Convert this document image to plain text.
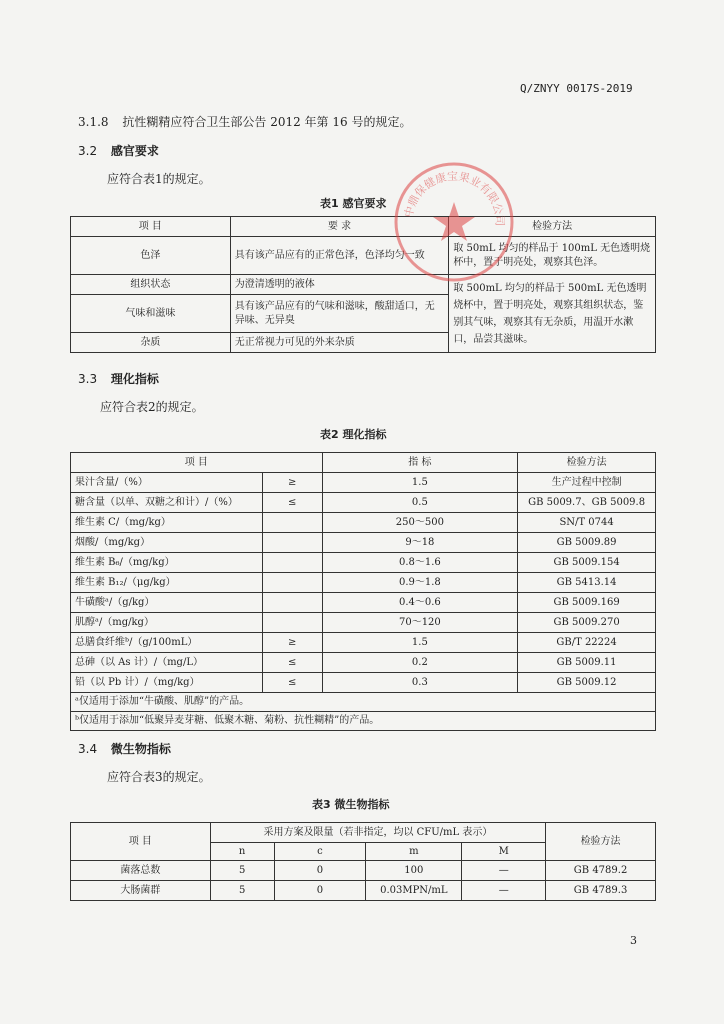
Q/ZNYY 0017S-2019
3.1.8 抗性糊精应符合卫生部公告 2012 年第 16 号的规定。
3.2 感官要求
应符合表1的规定。
表1 感官要求
项 目	要 求	检验方法
色泽	具有该产品应有的正常色泽，色泽均匀一致	取 50mL 均匀的样品于 100mL 无色透明烧杯中，置于明亮处，观察其色泽。
组织状态	为澄清透明的液体	取 500mL 均匀的样品于 500mL 无色透明烧杯中，置于明亮处，观察其组织状态，鉴别其气味，观察其有无杂质，用温开水漱口，品尝其滋味。
气味和滋味	具有该产品应有的气味和滋味，酸甜适口，无异味、无异臭	
杂质	无正常视力可见的外来杂质	
中鼎保健康宝果业有限公司
3.3 理化指标
应符合表2的规定。
表2 理化指标
项 目		指 标	检验方法
果汁含量/（%）	≥	1.5	生产过程中控制
糖含量（以单、双糖之和计）/（%）	≤	0.5	GB 5009.7、GB 5009.8
维生素 C/（mg/kg）		250～500	SN/T 0744
烟酸/（mg/kg）		9～18	GB 5009.89
维生素 B₆/（mg/kg）		0.8～1.6	GB 5009.154
维生素 B₁₂/（μg/kg）		0.9～1.8	GB 5413.14
牛磺酸ᵃ/（g/kg）		0.4～0.6	GB 5009.169
肌醇ᵃ/（mg/kg）		70～120	GB 5009.270
总膳食纤维ᵇ/（g/100mL）	≥	1.5	GB/T 22224
总砷（以 As 计）/（mg/L）	≤	0.2	GB 5009.11
铅（以 Pb 计）/（mg/kg）	≤	0.3	GB 5009.12
ᵃ仅适用于添加“牛磺酸、肌醇”的产品。			
ᵇ仅适用于添加“低聚异麦芽糖、低聚木糖、菊粉、抗性糊精”的产品。			
3.4 微生物指标
应符合表3的规定。
表3 微生物指标
项 目	采用方案及限量（若非指定，均以 CFU/mL 表示）				检验方法
	n	c	m	M	
菌落总数	5	0	100	—	GB 4789.2
大肠菌群	5	0	0.03MPN/mL	—	GB 4789.3
3
